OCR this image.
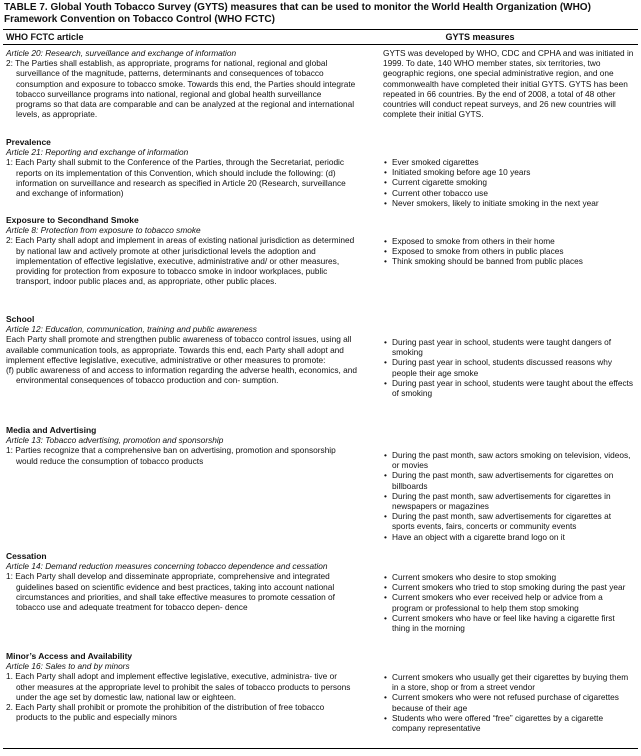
TABLE 7. Global Youth Tobacco Survey (GYTS) measures that can be used to monitor the World Health Organization (WHO) Framework Convention on Tobacco Control (WHO FCTC)
WHO FCTC article	GYTS measures
Article 20: Research, surveillance and exchange of information
2: The Parties shall establish, as appropriate, programs for national, regional and global surveillance of the magnitude, patterns, determinants and consequences of tobacco consumption and exposure to tobacco smoke. Towards this end, the Parties should integrate tobacco surveillance programs into national, regional and global health surveillance programs so that data are comparable and can be analyzed at the regional and international levels, as appropriate.
GYTS was developed by WHO, CDC and CPHA and was initiated in 1999. To date, 140 WHO member states, six territories, two geographic regions, one special administrative region, and one commonwealth have completed their initial GYTS. GYTS has been repeated in 66 countries. By the end of 2008, a total of 48 other countries will conduct repeat surveys, and 26 new countries will complete their initial GYTS.
Prevalence
Article 21: Reporting and exchange of information
1: Each Party shall submit to the Conference of the Parties, through the Secretariat, periodic reports on its implementation of this Convention, which should include the following: (d) information on surveillance and research as specified in Article 20 (Research, surveillance and exchange of information)
• Ever smoked cigarettes
• Initiated smoking before age 10 years
• Current cigarette smoking
• Current other tobacco use
• Never smokers, likely to initiate smoking in the next year
Exposure to Secondhand Smoke
Article 8: Protection from exposure to tobacco smoke
2: Each Party shall adopt and implement in areas of existing national jurisdiction as determined by national law and actively promote at other jurisdictional levels the adoption and implementation of effective legislative, executive, administrative and/ or other measures, providing for protection from exposure to tobacco smoke in indoor workplaces, public transport, indoor public places and, as appropriate, other public places.
• Exposed to smoke from others in their home
• Exposed to smoke from others in public places
• Think smoking should be banned from public places
School
Article 12: Education, communication, training and public awareness
Each Party shall promote and strengthen public awareness of tobacco control issues, using all available communication tools, as appropriate. Towards this end, each Party shall adopt and implement effective legislative, executive, administrative or other measures to promote:
(f) public awareness of and access to information regarding the adverse health, economics, and environmental consequences of tobacco production and con- sumption.
• During past year in school, students were taught dangers of smoking
• During past year in school, students discussed reasons why people their age smoke
• During past year in school, students were taught about the effects of smoking
Media and Advertising
Article 13: Tobacco advertising, promotion and sponsorship
1: Parties recognize that a comprehensive ban on advertising, promotion and sponsorship would reduce the consumption of tobacco products
• During the past month, saw actors smoking on television, videos, or movies
• During the past month, saw advertisements for cigarettes on billboards
• During the past month, saw advertisements for cigarettes in newspapers or magazines
• During the past month, saw advertisements for cigarettes at sports events, fairs, concerts or community events
• Have an object with a cigarette brand logo on it
Cessation
Article 14: Demand reduction measures concerning tobacco dependence and cessation
1: Each Party shall develop and disseminate appropriate, comprehensive and integrated guidelines based on scientific evidence and best practices, taking into account national circumstances and priorities, and shall take effective measures to promote cessation of tobacco use and adequate treatment for tobacco depen- dence
• Current smokers who desire to stop smoking
• Current smokers who tried to stop smoking during the past year
• Current smokers who ever received help or advice from a program or professional to help them stop smoking
• Current smokers who have or feel like having a cigarette first thing in the morning
Minor’s Access and Availability
Article 16: Sales to and by minors
1. Each Party shall adopt and implement effective legislative, executive, administra- tive or other measures at the appropriate level to prohibit the sales of tobacco products to persons under the age set by domestic law, national law or eighteen.
2. Each Party shall prohibit or promote the prohibition of the distribution of free tobacco products to the public and especially minors
• Current smokers who usually get their cigarettes by buying them in a store, shop or from a street vendor
• Current smokers who were not refused purchase of cigarettes because of their age
• Students who were offered “free” cigarettes by a cigarette company representative
